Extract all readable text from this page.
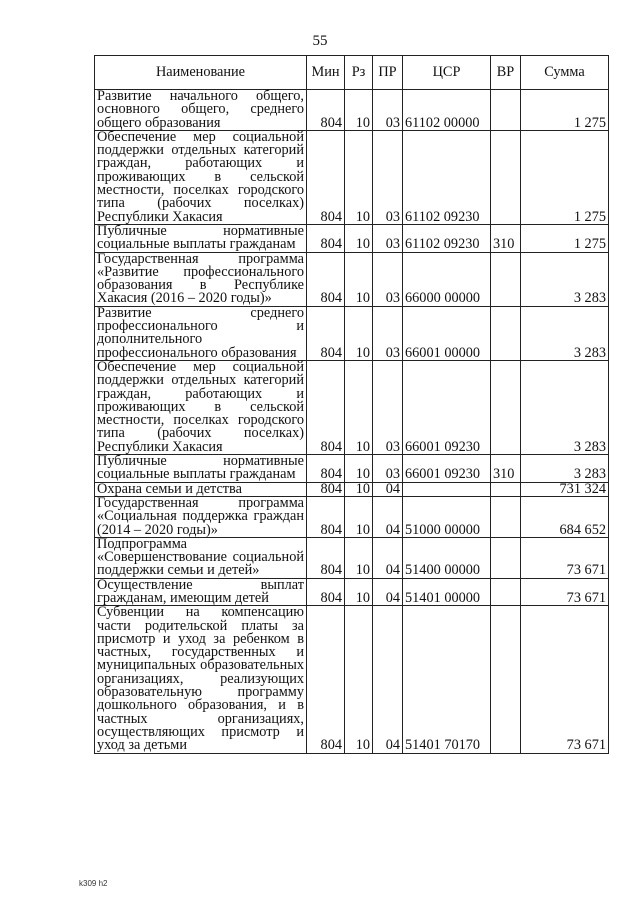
55
Наименование	Мин	Рз	ПР	ЦСР	ВР	Сумма
Развитие начального общего, основного общего, среднего общего образования	804	10	03	61102 00000		1 275
Обеспечение мер социальной поддержки отдельных категорий граждан, работающих и проживающих в сельской местности, поселках городского типа (рабочих поселках) Республики Хакасия	804	10	03	61102 09230		1 275
Публичные нормативные социальные выплаты гражданам	804	10	03	61102 09230	310	1 275
Государственная программа «Развитие профессионального образования в Республике Хакасия (2016 – 2020 годы)»	804	10	03	66000 00000		3 283
Развитие среднего профессионального и дополнительного профессионального образования	804	10	03	66001 00000		3 283
Обеспечение мер социальной поддержки отдельных категорий граждан, работающих и проживающих в сельской местности, поселках городского типа (рабочих поселках) Республики Хакасия	804	10	03	66001 09230		3 283
Публичные нормативные социальные выплаты гражданам	804	10	03	66001 09230	310	3 283
Охрана семьи и детства	804	10	04			731 324
Государственная программа «Социальная поддержка граждан (2014 – 2020 годы)»	804	10	04	51000 00000		684 652
Подпрограмма «Совершенствование социальной поддержки семьи и детей»	804	10	04	51400 00000		73 671
Осуществление выплат гражданам, имеющим детей	804	10	04	51401 00000		73 671
Субвенции на компенсацию части родительской платы за присмотр и уход за ребенком в частных, государственных и муниципальных образовательных организациях, реализующих образовательную программу дошкольного образования, и в частных организациях, осуществляющих присмотр и уход за детьми	804	10	04	51401 70170		73 671
k309 h2
